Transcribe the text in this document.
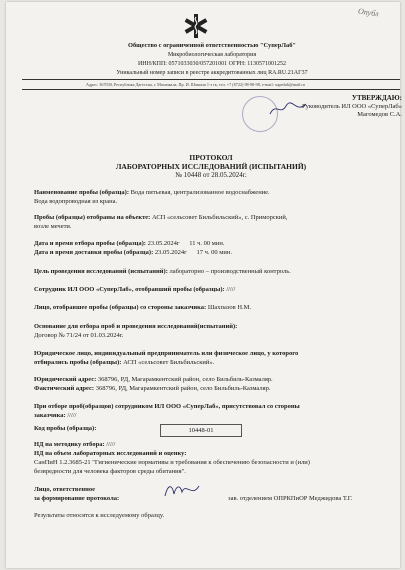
Опубл
Общество с ограниченной ответственностью "СуперЛаб"
Микробиологическая лаборатория
ИНН/КПП: 0571033030/057201001 ОГРН: 1130571001252
Уникальный номер записи в реестре аккредитованных лиц RA.RU.21АГ37
Адрес: 367030, Республика Дагестан, г. Махачкала, Пр. И. Шамиля 1-з гк, тел. +7 (8722) 98-98-98, e-mail: superlab@mail.ru
УТВЕРЖДАЮ:
Руководитель ИЛ ООО «СуперЛаб»
Магомедов С.А.
ПРОТОКОЛ
ЛАБОРАТОРНЫХ ИССЛЕДОВАНИЙ (ИСПЫТАНИЙ)
№ 10448 от 28.05.2024г.
Наименование пробы (образца): Вода питьевая, централизованное водоснабжение.
Вода водопроводная из крана.
Пробы (образцы) отобраны на объекте: АСП «сельсовет Бильбильский», с. Приморский,
возле мечети.
Дата и время отбора пробы (образца): 23.05.2024г      11 ч. 00 мин.
Дата и время доставки пробы (образца): 23.05.2024г      17 ч. 00 мин.
Цель проведения исследований (испытаний): лабораторно – производственный контроль.
Сотрудник ИЛ ООО «СуперЛаб», отобравший пробы (образцы): /////
Лицо, отобравшее пробы (образцы) со стороны заказчика: Шахпазов Н.М.
Основание для отбора проб и проведения исследований(испытаний):
Договор № 71/24 от 01.03.2024г.
Юридическое лицо, индивидуальный предприниматель или физическое лицо, у которого
отбирались пробы (образцы): АСП «сельсовет Бильбильский».
Юридический адрес: 368796, РД, Магарамкентский район, село Бильбиль-Казмаляр.
Фактический адрес: 368796, РД, Магарамкентский район, село Бильбиль-Казмаляр.
При отборе проб(образцов) сотрудником ИЛ ООО «СуперЛаб», присутствовал со стороны
заказчика: /////
Код пробы (образца):	10448-01
НД на методику отбора: /////
НД на объем лабораторных исследований и оценку:
СанПиН 1.2.3685-21 "Гигиенические нормативы и требования к обеспечению безопасности и (или)
безвредности для человека факторов среды обитания".
Лицо, ответственное
за формирование протокола:	зав. отделением ОПРКПиОР Меджидова Т.Г.
Результаты относятся к исследуемому образцу.
